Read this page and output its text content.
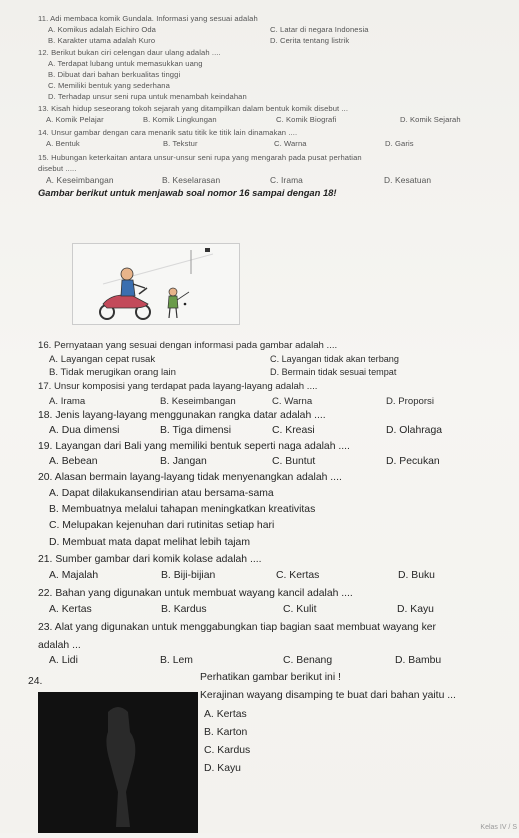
11. Adi membaca komik Gundala. Informasi yang sesuai adalah
A. Komikus adalah Eichiro Oda	C. Latar di negara Indonesia
B. Karakter utama adalah Kuro	D. Cerita tentang listrik
12. Berikut bukan ciri celengan daur ulang adalah ....
A. Terdapat lubang untuk memasukkan uang
B. Dibuat dari bahan berkualitas tinggi
C. Memiliki bentuk yang sederhana
D. Terhadap unsur seni rupa untuk menambah keindahan
13. Kisah hidup seseorang tokoh sejarah yang ditampilkan dalam bentuk komik disebut ...
A. Komik Pelajar	B. Komik Lingkungan	C. Komik Biografi	D. Komik Sejarah
14. Unsur gambar dengan cara menarik satu titik ke titik lain dinamakan ....
A. Bentuk	B. Tekstur	C. Warna	D. Garis
15. Hubungan keterkaitan antara unsur-unsur seni rupa yang mengarah pada pusat perhatian
disebut .....
A. Keseimbangan	B. Keselarasan	C. Irama	D. Kesatuan
Gambar berikut untuk menjawab soal nomor 16 sampai dengan 18!
16. Pernyataan yang sesuai dengan informasi pada gambar adalah ....
A. Layangan cepat rusak	C. Layangan tidak akan terbang
B. Tidak merugikan orang lain	D. Bermain tidak sesuai tempat
17. Unsur komposisi yang terdapat pada layang-layang adalah ....
A. Irama	B. Keseimbangan	C. Warna	D. Proporsi
18. Jenis layang-layang menggunakan rangka datar adalah ....
A. Dua dimensi	B. Tiga dimensi	C. Kreasi	D. Olahraga
19. Layangan dari Bali yang memiliki bentuk seperti naga adalah ....
A. Bebean	B. Jangan	C. Buntut	D. Pecukan
20. Alasan bermain layang-layang tidak menyenangkan adalah ....
A. Dapat dilakukansendirian atau bersama-sama
B. Membuatnya melalui tahapan meningkatkan kreativitas
C. Melupakan kejenuhan dari rutinitas setiap hari
D. Membuat mata dapat melihat lebih tajam
21. Sumber gambar dari komik kolase adalah ....
A. Majalah	B. Biji-bijian	C. Kertas	D. Buku
22. Bahan yang digunakan untuk membuat wayang kancil adalah ....
A. Kertas	B. Kardus	C. Kulit	D. Kayu
23. Alat yang digunakan untuk menggabungkan tiap bagian saat membuat wayang ker
adalah ...
A. Lidi	B. Lem	C. Benang	D. Bambu
24.	Perhatikan gambar berikut ini !
Kerajinan wayang disamping te buat dari bahan yaitu ...
A. Kertas
B. Karton
C. Kardus
D. Kayu
Kelas IV / S
